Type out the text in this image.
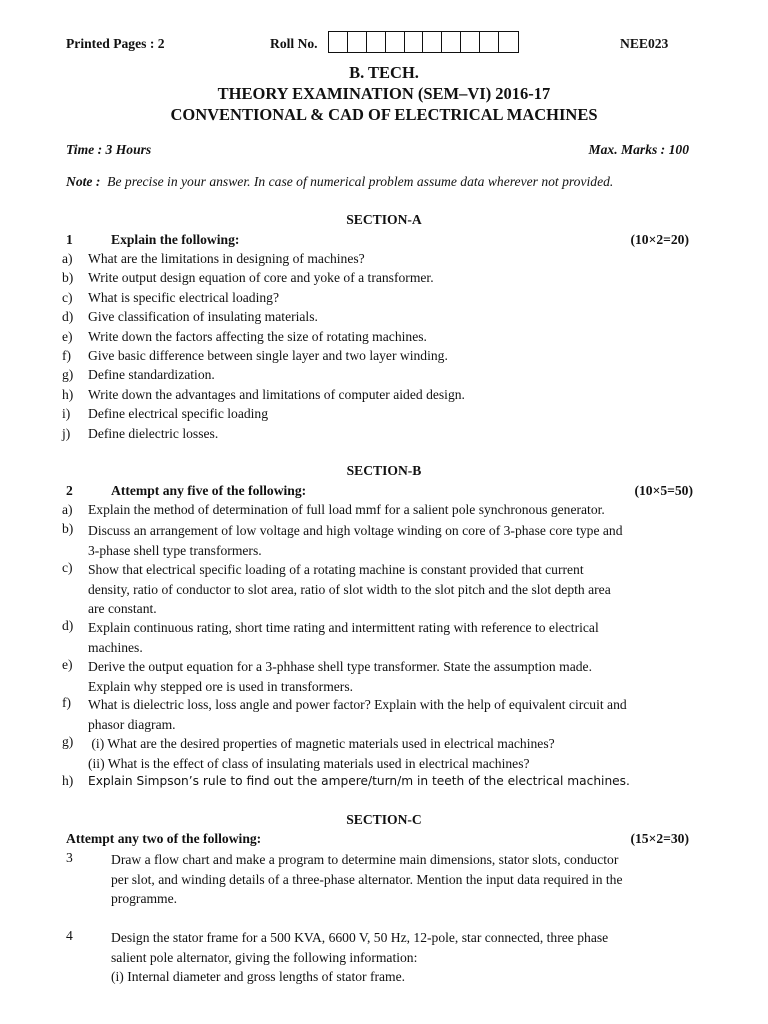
Printed Pages : 2	Roll No.	NEE023
B. TECH.
THEORY EXAMINATION (SEM–VI) 2016-17
CONVENTIONAL & CAD OF ELECTRICAL MACHINES
Time : 3 Hours	Max. Marks : 100
Note : Be precise in your answer. In case of numerical problem assume data wherever not provided.
SECTION-A
1	Explain the following:	(10×2=20)
a) What are the limitations in designing of machines?
b) Write output design equation of core and yoke of a transformer.
c) What is specific electrical loading?
d) Give classification of insulating materials.
e) Write down the factors affecting the size of rotating machines.
f) Give basic difference between single layer and two layer winding.
g) Define standardization.
h) Write down the advantages and limitations of computer aided design.
i) Define electrical specific loading
j) Define dielectric losses.
SECTION-B
2	Attempt any five of the following:	(10×5=50)
a) Explain the method of determination of full load mmf for a salient pole synchronous generator.
b) Discuss an arrangement of low voltage and high voltage winding on core of 3-phase core type and
3-phase shell type transformers.
c) Show that electrical specific loading of a rotating machine is constant provided that current
density, ratio of conductor to slot area, ratio of slot width to the slot pitch and the slot depth area
are constant.
d) Explain continuous rating, short time rating and intermittent rating with reference to electrical
machines.
e) Derive the output equation for a 3-phhase shell type transformer. State the assumption made.
Explain why stepped ore is used in transformers.
f) What is dielectric loss, loss angle and power factor? Explain with the help of equivalent circuit and
phasor diagram.
g) (i) What are the desired properties of magnetic materials used in electrical machines?
(ii) What is the effect of class of insulating materials used in electrical machines?
h) Explain Simpson’s rule to find out the ampere/turn/m in teeth of the electrical machines.
SECTION-C
Attempt any two of the following:	(15×2=30)
3	Draw a flow chart and make a program to determine main dimensions, stator slots, conductor
per slot, and winding details of a three-phase alternator. Mention the input data required in the
programme.
4	Design the stator frame for a 500 KVA, 6600 V, 50 Hz, 12-pole, star connected, three phase
salient pole alternator, giving the following information:
(i) Internal diameter and gross lengths of stator frame.
